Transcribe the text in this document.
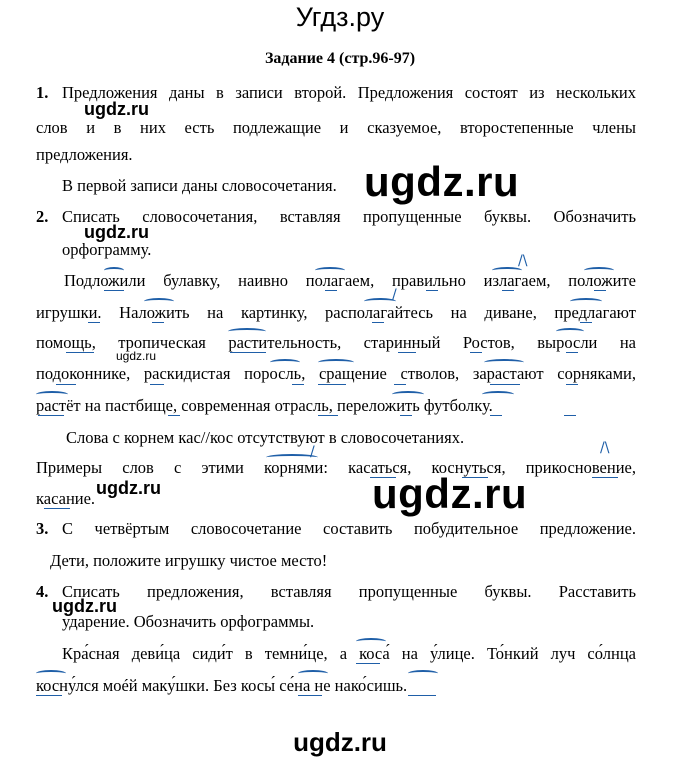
Угдз.ру
Задание 4 (стр.96-97)
1. Предложения даны в записи второй. Предложения состоят из нескольких
ugdz.ru
слов и в них есть подлежащие и сказуемое, второстепенные члены
предложения.
В первой записи даны словосочетания. ugdz.ru
2. Списать словосочетания, вставляя пропущенные буквы. Обозначить
ugdz.ru
орфограмму.
Подложили булавку, наивно полагаем, правильно излагаем, положите
игрушки. Наложить на картинку, располагайтесь на диване, предлагают
помощь, тропическая растительность, старинный Ростов, выросли на
ugdz.ru
подоконнике, раскидистая поросль, сращение стволов, зарастают сорняками,
растёт на пастбище, современная отрасль, переложить футболку.
Слова с корнем кас//кос отсутствуют в словосочетаниях.
Примеры слов с этими корнями: касаться, коснуться, прикосновение,
касание.
ugdz.ru	ugdz.ru
/\
/
/	/\
3. С четвёртым словосочетание составить побудительное предложение.
Дети, положите игрушку чистое место!
4. Списать предложения, вставляя пропущенные буквы. Расставить
ugdz.ru
ударение. Обозначить орфограммы.
Кра́сная деви́ца сиди́т в темни́це, а коса́ на у́лице. То́нкий луч со́лнца
косну́лся моéй маку́шки. Без косы́ се́на не нако́сишь.
ugdz.ru
